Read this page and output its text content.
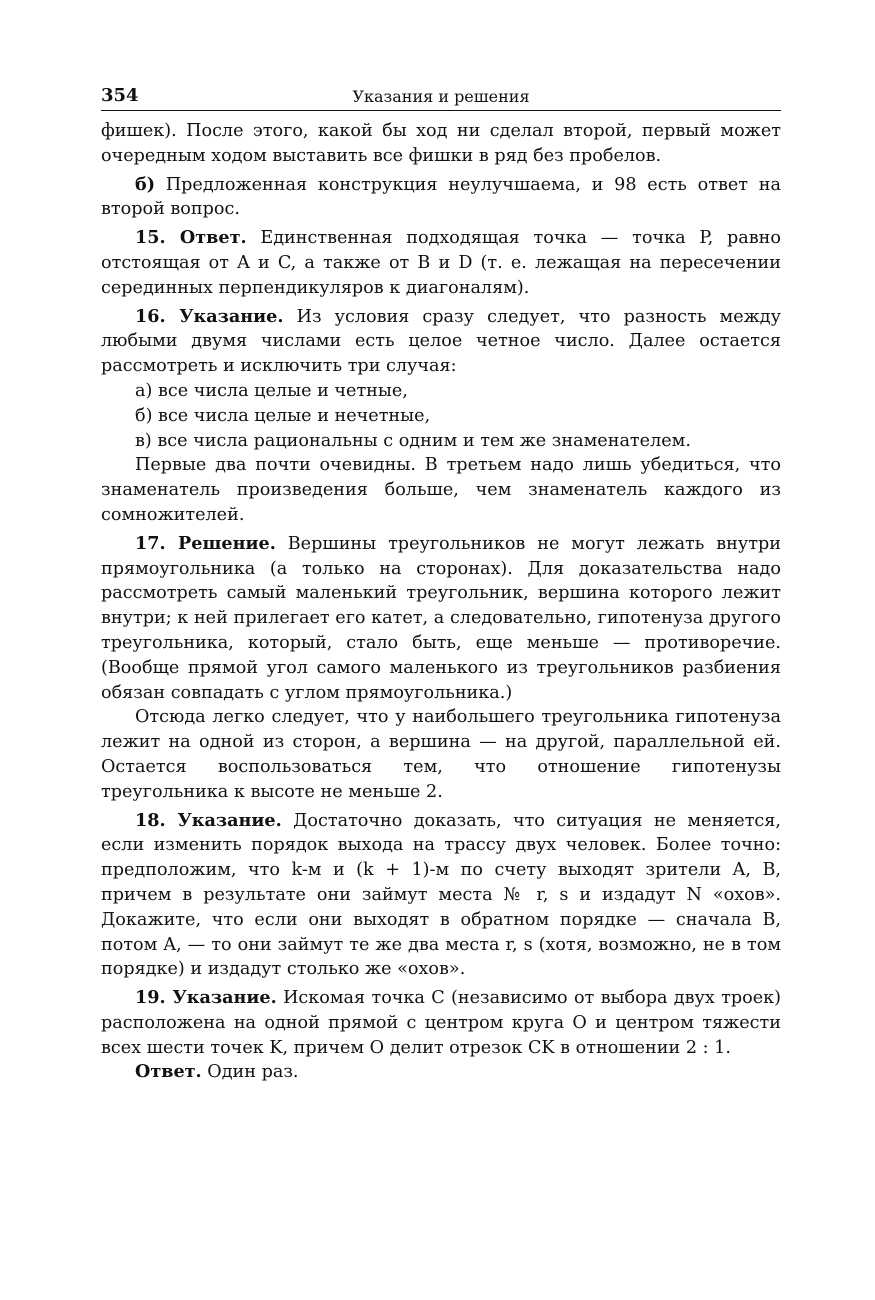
354	Указания и решения

фишек). После этого, какой бы ход ни сделал второй, первый может очередным ходом выставить все фишки в ряд без пробелов.

б) Предложенная конструкция неулучшаема, и 98 есть ответ на второй вопрос.

15. Ответ. Единственная подходящая точка — точка P, равно отстоящая от A и C, а также от B и D (т. е. лежащая на пересечении серединных перпендикуляров к диагоналям).

16. Указание. Из условия сразу следует, что разность между любыми двумя числами есть целое четное число. Далее остается рассмотреть и исключить три случая:

а) все числа целые и четные,

б) все числа целые и нечетные,

в) все числа рациональны с одним и тем же знаменателем.

Первые два почти очевидны. В третьем надо лишь убедиться, что знаменатель произведения больше, чем знаменатель каждого из сомножителей.

17. Решение. Вершины треугольников не могут лежать внутри прямоугольника (а только на сторонах). Для доказательства надо рассмотреть самый маленький треугольник, вершина которого лежит внутри; к ней прилегает его катет, а следовательно, гипотенуза другого треугольника, который, стало быть, еще меньше — противоречие. (Вообще прямой угол самого маленького из треугольников разбиения обязан совпадать с углом прямоугольника.)

Отсюда легко следует, что у наибольшего треугольника гипотенуза лежит на одной из сторон, а вершина — на другой, параллельной ей. Остается воспользоваться тем, что отношение гипотенузы треугольника к высоте не меньше 2.

18. Указание. Достаточно доказать, что ситуация не меняется, если изменить порядок выхода на трассу двух человек. Более точно: предположим, что k-м и (k + 1)-м по счету выходят зрители A, B, причем в результате они займут места № r, s и издадут N «охов». Докажите, что если они выходят в обратном порядке — сначала B, потом A, — то они займут те же два места r, s (хотя, возможно, не в том порядке) и издадут столько же «охов».

19. Указание. Искомая точка C (независимо от выбора двух троек) расположена на одной прямой с центром круга O и центром тяжести всех шести точек K, причем O делит отрезок CK в отношении 2 : 1.

Ответ. Один раз.
